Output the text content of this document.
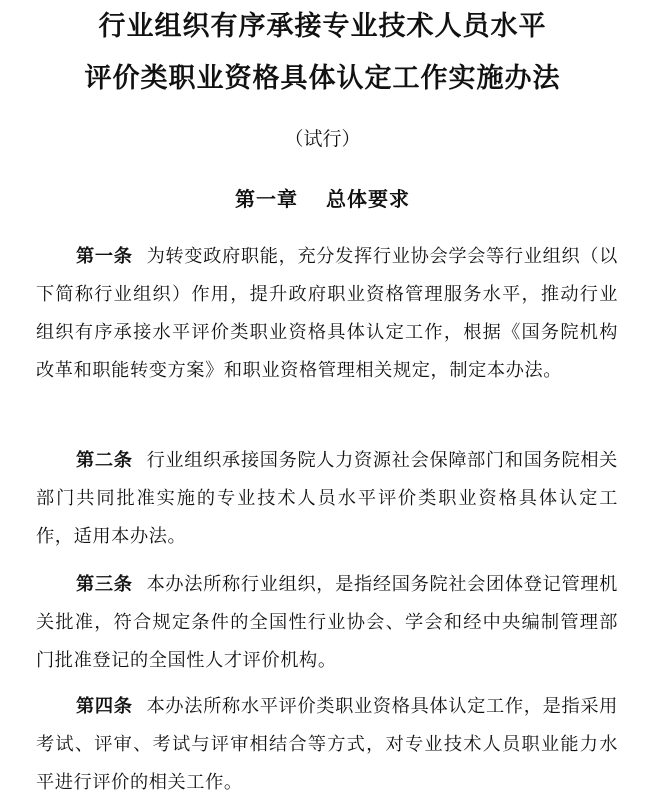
行业组织有序承接专业技术人员水平
评价类职业资格具体认定工作实施办法
（试行）
第一章 总体要求
第一条 为转变政府职能，充分发挥行业协会学会等行业组织（以下简称行业组织）作用，提升政府职业资格管理服务水平，推动行业组织有序承接水平评价类职业资格具体认定工作，根据《国务院机构改革和职能转变方案》和职业资格管理相关规定，制定本办法。
第二条 行业组织承接国务院人力资源社会保障部门和国务院相关部门共同批准实施的专业技术人员水平评价类职业资格具体认定工作，适用本办法。
第三条 本办法所称行业组织，是指经国务院社会团体登记管理机关批准，符合规定条件的全国性行业协会、学会和经中央编制管理部门批准登记的全国性人才评价机构。
第四条 本办法所称水平评价类职业资格具体认定工作，是指采用考试、评审、考试与评审相结合等方式，对专业技术人员职业能力水平进行评价的相关工作。
